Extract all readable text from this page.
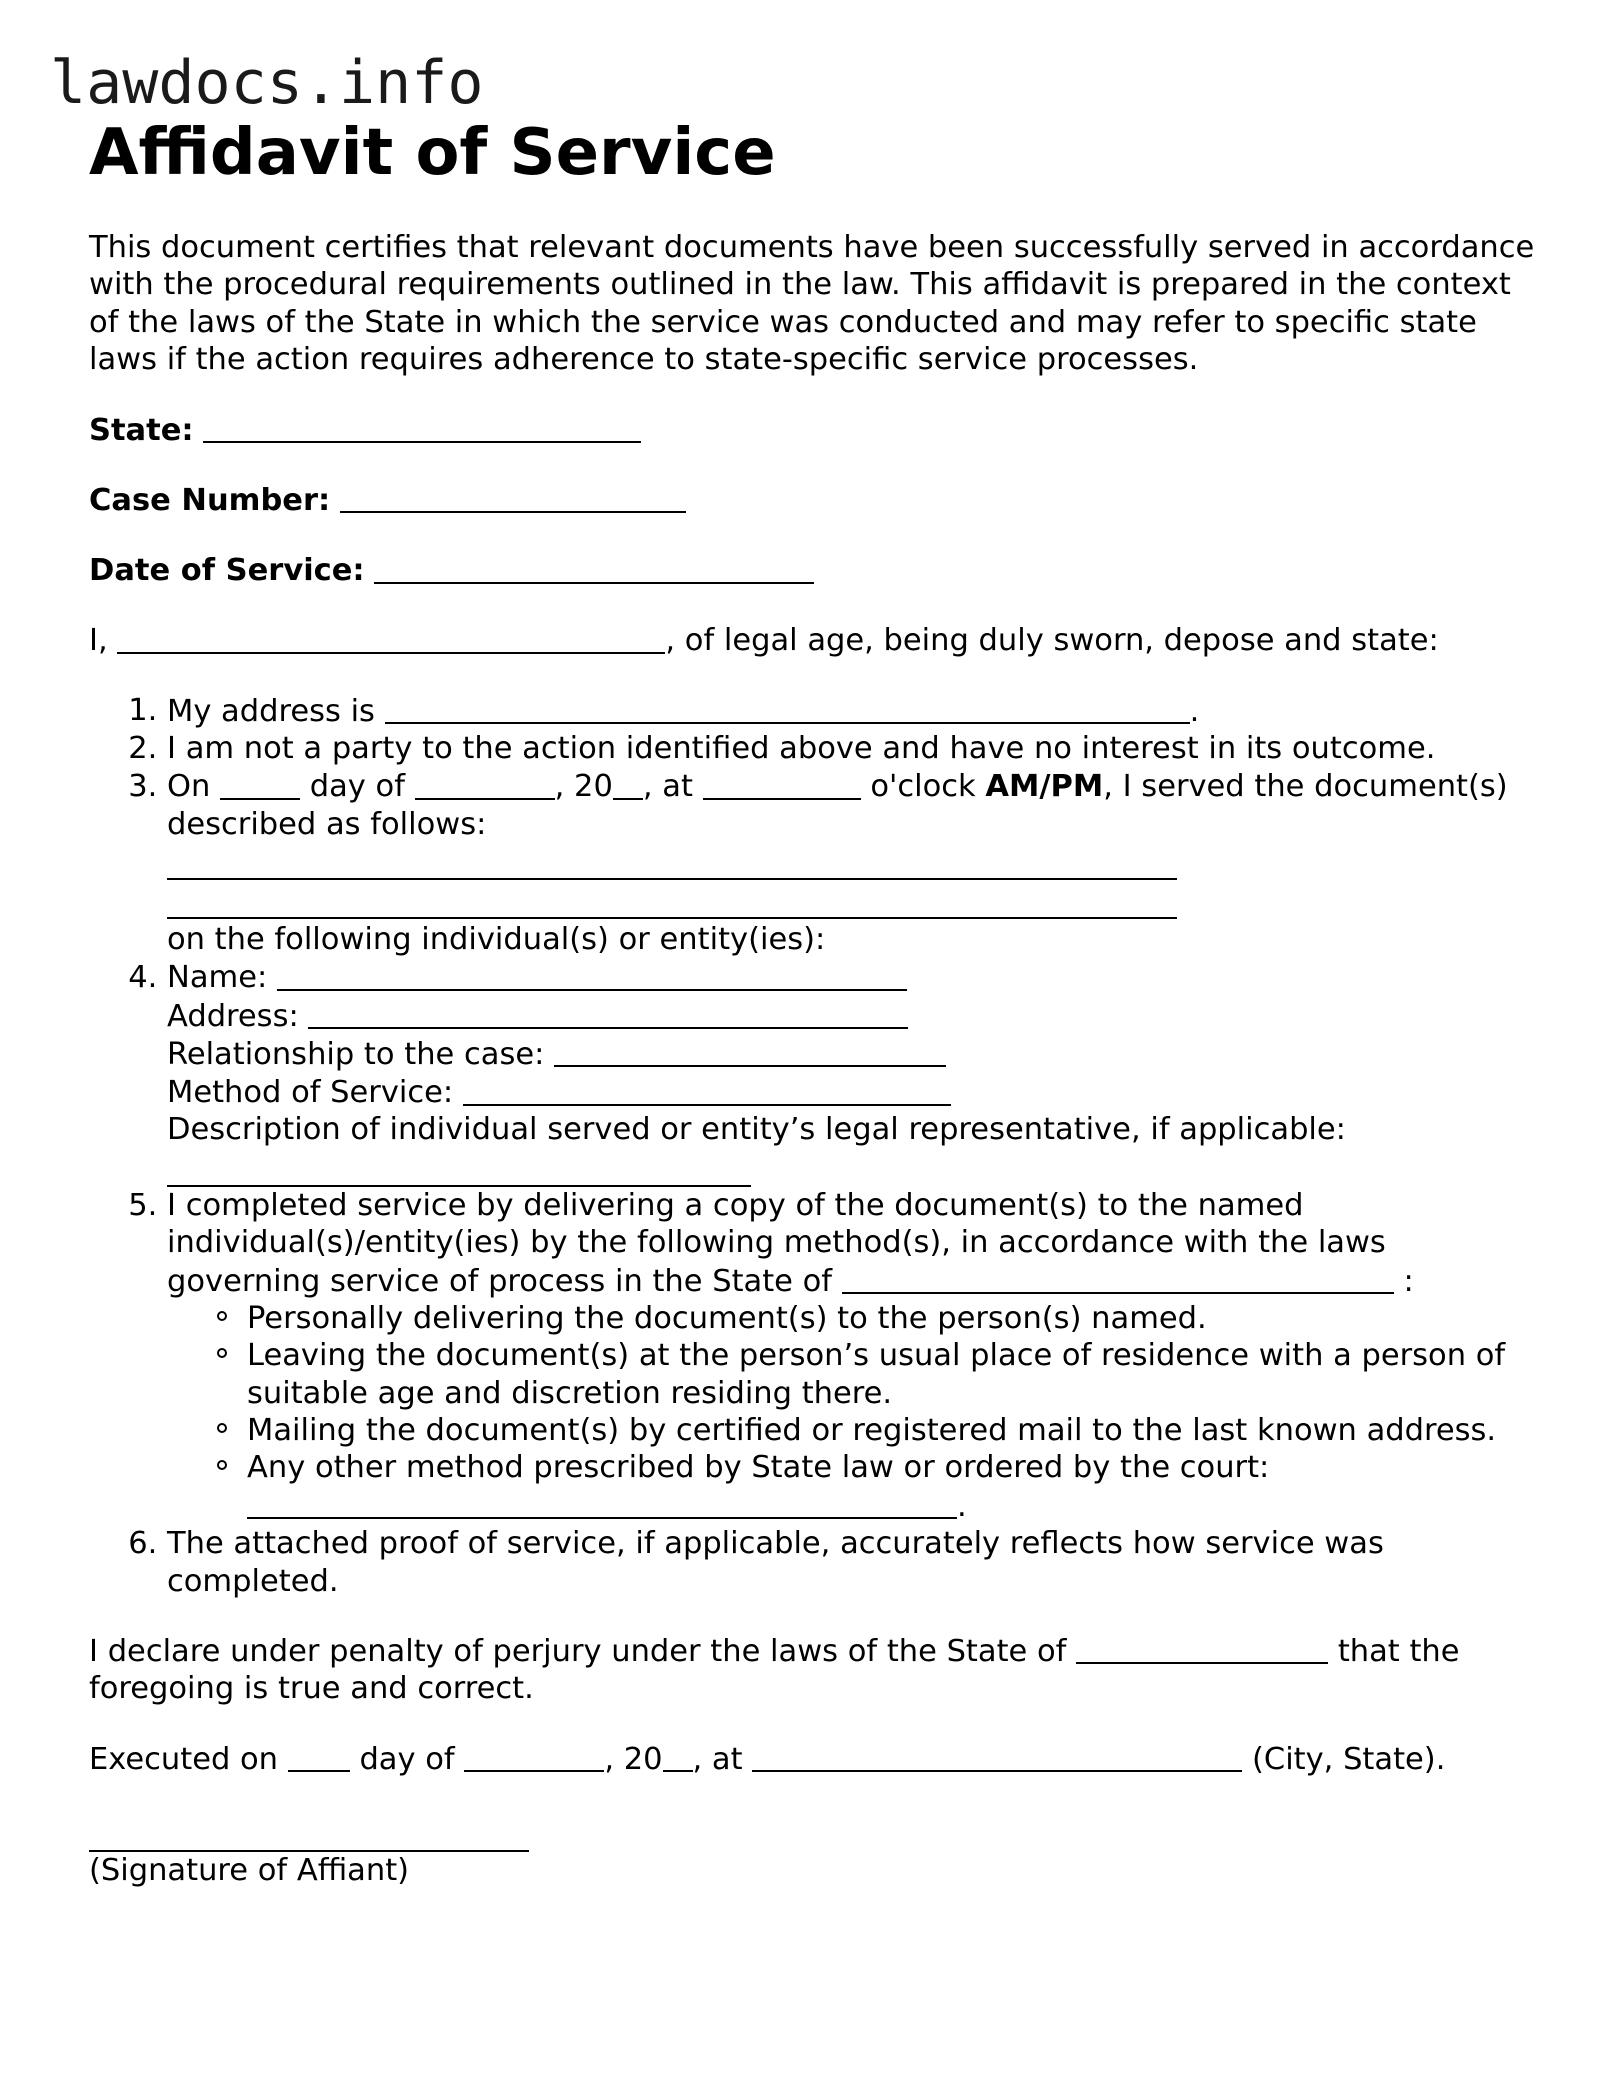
lawdocs.info
Affidavit of Service

This document certifies that relevant documents have been successfully served in accordance with the procedural requirements outlined in the law. This affidavit is prepared in the context of the laws of the State in which the service was conducted and may refer to specific state laws if the action requires adherence to state-specific service processes.

State:

Case Number:

Date of Service:

I,	, of legal age, being duly sworn, depose and state:

1. My address is	.
2. I am not a party to the action identified above and have no interest in its outcome.
3. On	day of	, 20 , at	o'clock AM/PM, I served the document(s) described as follows:
on the following individual(s) or entity(ies):
4. Name:
Address:
Relationship to the case:
Method of Service:
Description of individual served or entity’s legal representative, if applicable:
5. I completed service by delivering a copy of the document(s) to the named individual(s)/entity(ies) by the following method(s), in accordance with the laws governing service of process in the State of	:
Personally delivering the document(s) to the person(s) named.
Leaving the document(s) at the person’s usual place of residence with a person of suitable age and discretion residing there.
Mailing the document(s) by certified or registered mail to the last known address.
Any other method prescribed by State law or ordered by the court:
.
6. The attached proof of service, if applicable, accurately reflects how service was completed.

I declare under penalty of perjury under the laws of the State of	that the foregoing is true and correct.

Executed on	day of	, 20 , at	(City, State).

(Signature of Affiant)
